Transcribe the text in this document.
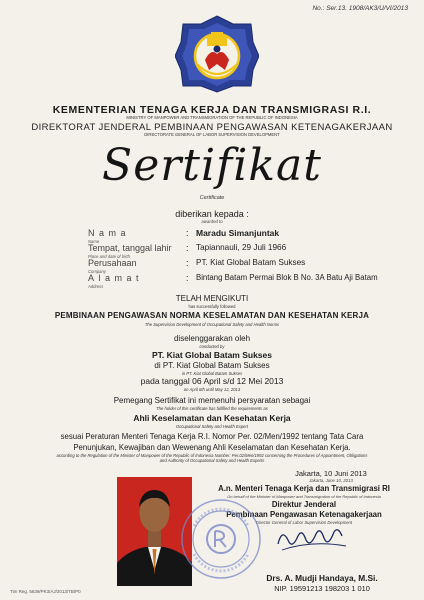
No.: Ser.13. 1908/AK3/U/VI/2013
KEMENTERIAN TENAGA KERJA DAN TRANSMIGRASI R.I.
MINISTRY OF MANPOWER AND TRANSMIGRATION OF THE REPUBLIC OF INDONESIA
DIREKTORAT JENDERAL PEMBINAAN PENGAWASAN KETENAGAKERJAAN
DIRECTORATE GENERAL OF LABOR SUPERVISION DEVELOPMENT
Sertifikat
Certificate
diberikan kepada :
awarded to
Nama
Name
: Maradu Simanjuntak
Tempat, tanggal lahir
Place and date of birth
: Tapiannauli, 29 Juli 1966
Perusahaan
Company
: PT. Kiat Global Batam Sukses
Alamat
Address
: Bintang Batam Permai Blok B No. 3A Batu Aji Batam
TELAH MENGIKUTI
has successfully followed
PEMBINAAN PENGAWASAN NORMA KESELAMATAN DAN KESEHATAN KERJA
The Supervision Development of Occupational Safety and Health Norms
diselenggarakan oleh
conducted by
PT. Kiat Global Batam Sukses
di PT. Kiat Global Batam Sukses
in PT. Kiat Global Batam Sukses
pada tanggal 06 April s/d 12 Mei 2013
on April 6th until May 12, 2013
Pemegang Sertifikat ini memenuhi persyaratan sebagai
The holder of this certificate has fulfilled the requirements as
Ahli Keselamatan dan Kesehatan Kerja
Occupational Safety and Health Expert
sesuai Peraturan Menteri Tenaga Kerja R.I. Nomor Per. 02/Men/1992 tentang Tata Cara
Penunjukan, Kewajiban dan Wewenang Ahli Keselamatan dan Kesehatan Kerja.
according to the Regulation of the Minister of Manpower of the Republic of Indonesia Number: Per.02/Men/1992 concerning the Procedures of Appointment, Obligations
and Authority of Occupational Safety and Health Experts
Jakarta, 10 Juni 2013
Jakarta, June 10, 2013
A.n. Menteri Tenaga Kerja dan Transmigrasi RI
On behalf of the Minister of Manpower and Transmigration of the Republic of Indonesia
Direktur Jenderal
Pembinaan Pengawasan Ketenagakerjaan
Director General of Labor Supervision Development
Drs. A. Mudji Handaya, M.Si.
NIP. 19591213 198203 1 010
Tim Reg. 5639/PK3/AJ/2013/TB/P0
